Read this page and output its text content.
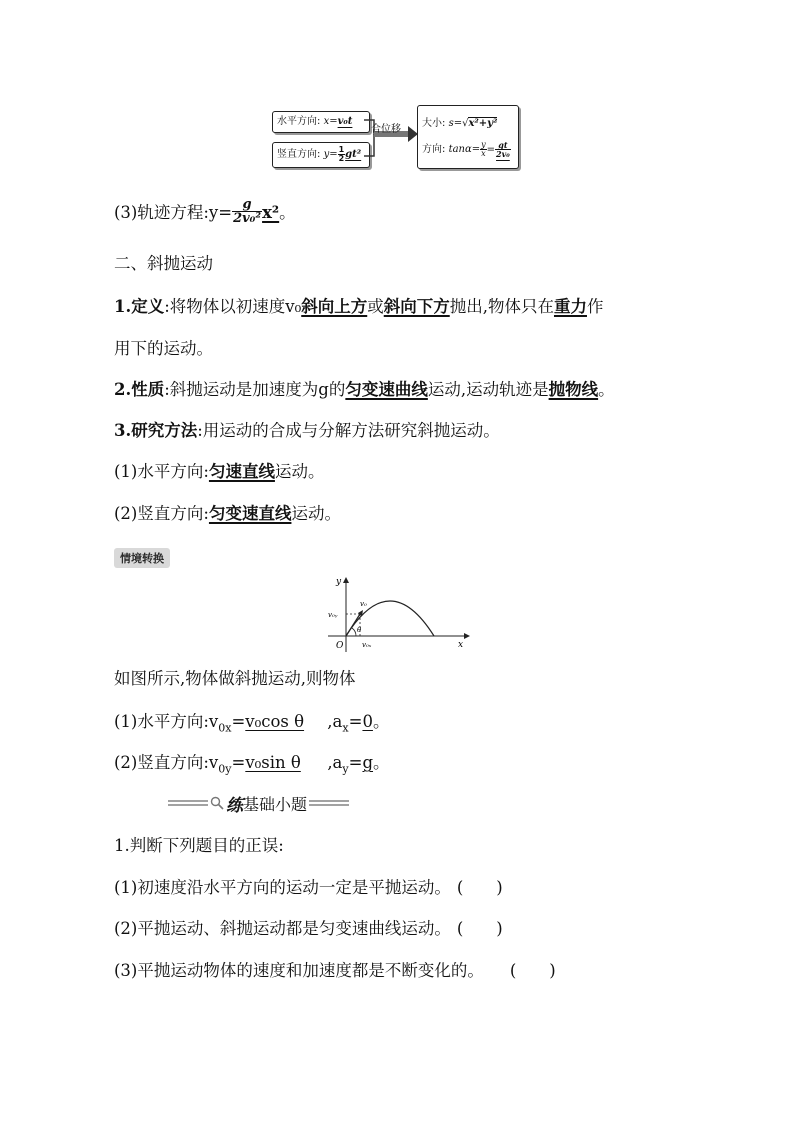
水平方向: x=v₀t
竖直方向: $y= \frac{1}{2} gt^2$
合位移
大小: s=√x²+y²
方向: $\tan\alpha= \frac{y}{x} = \frac{gt}{\text{2v₀}}$
(3)轨迹方程:y= $\frac{g}{\text{2v₀²}} x^2$。
二、斜抛运动
1.定义:将物体以初速度v₀斜向上方或斜向下方抛出,物体只在重力作
用下的运动。
2.性质:斜抛运动是加速度为g的匀变速曲线运动,运动轨迹是抛物线。
3.研究方法:用运动的合成与分解方法研究斜抛运动。
(1)水平方向:匀速直线运动。
(2)竖直方向:匀变速直线运动。
情境转换
y
x
O
v₀
v₀ᵧ
v₀ₓ
θ
如图所示,物体做斜抛运动,则物体
(1)水平方向$:v_{0x}=v_0\cos$ θ $,a_x=0$。
(2)竖直方向$:v_{0y}=v_0\sin$ θ $,a_y=g$。
练 基础小题
1.判断下列题目的正误:
(1)初速度沿水平方向的运动一定是平抛运动。 (　　)
(2)平抛运动、斜抛运动都是匀变速曲线运动。 (　　)
(3)平抛运动物体的速度和加速度都是不断变化的。 (　　)
